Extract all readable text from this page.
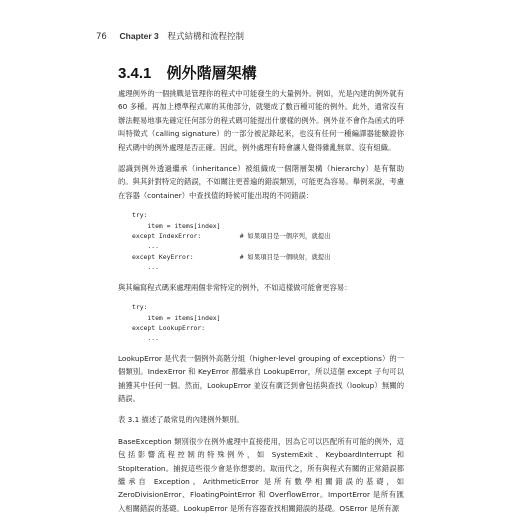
76 Chapter 3 程式結構和流程控制
3.4.1 例外階層架構

處理例外的一個挑戰是管理你的程式中可能發生的大量例外。例如，光是內建的例外就有 60 多種。再加上標準程式庫的其他部分，就變成了數百種可能的例外。此外，通常沒有辦法輕易地事先確定任何部分的程式碼可能提出什麼樣的例外。例外並不會作為函式的呼叫特徵式（calling signature）的一部分被記錄起來，也沒有任何一種編譯器能驗證你程式碼中的例外處理是否正確。因此，例外處理有時會讓人覺得雜亂無章、沒有組織。

認識到例外透過繼承（inheritance）被組織成一個階層架構（hierarchy）是有幫助的。與其針對特定的錯誤，不如關注更普遍的錯誤類別，可能更為容易。舉例來說，考慮在容器（container）中查找值的時候可能出現的不同錯誤：

try:
item = items[index]
except IndexError:          # 如果項目是一個序列，就提出
...
except KeyError:            # 如果項目是一個映射，就提出
...

與其編寫程式碼來處理兩個非常特定的例外，不如這樣做可能會更容易：

try:
item = items[index]
except LookupError:
...

LookupError 是代表一個例外高階分組（higher-level grouping of exceptions）的一個類別。IndexError 和 KeyError 都繼承自 LookupError，所以這個 except 子句可以捕獲其中任何一個。然而，LookupError 並沒有廣泛到會包括與查找（lookup）無關的錯誤。

表 3.1 描述了最常見的內建例外類別。

BaseException 類別很少在例外處理中直接使用，因為它可以匹配所有可能的例外，這包括影響流程控制的特殊例外，如 SystemExit、KeyboardInterrupt 和 StopIteration。捕捉這些很少會是你想要的。取而代之，所有與程式有關的正常錯誤都繼承自 Exception。ArithmeticError 是所有數學相關錯誤的基礎，如 ZeroDivisionError、FloatingPointError 和 OverflowError。ImportError 是所有匯入相關錯誤的基礎。LookupError 是所有容器查找相關錯誤的基礎。OSError 是所有源
